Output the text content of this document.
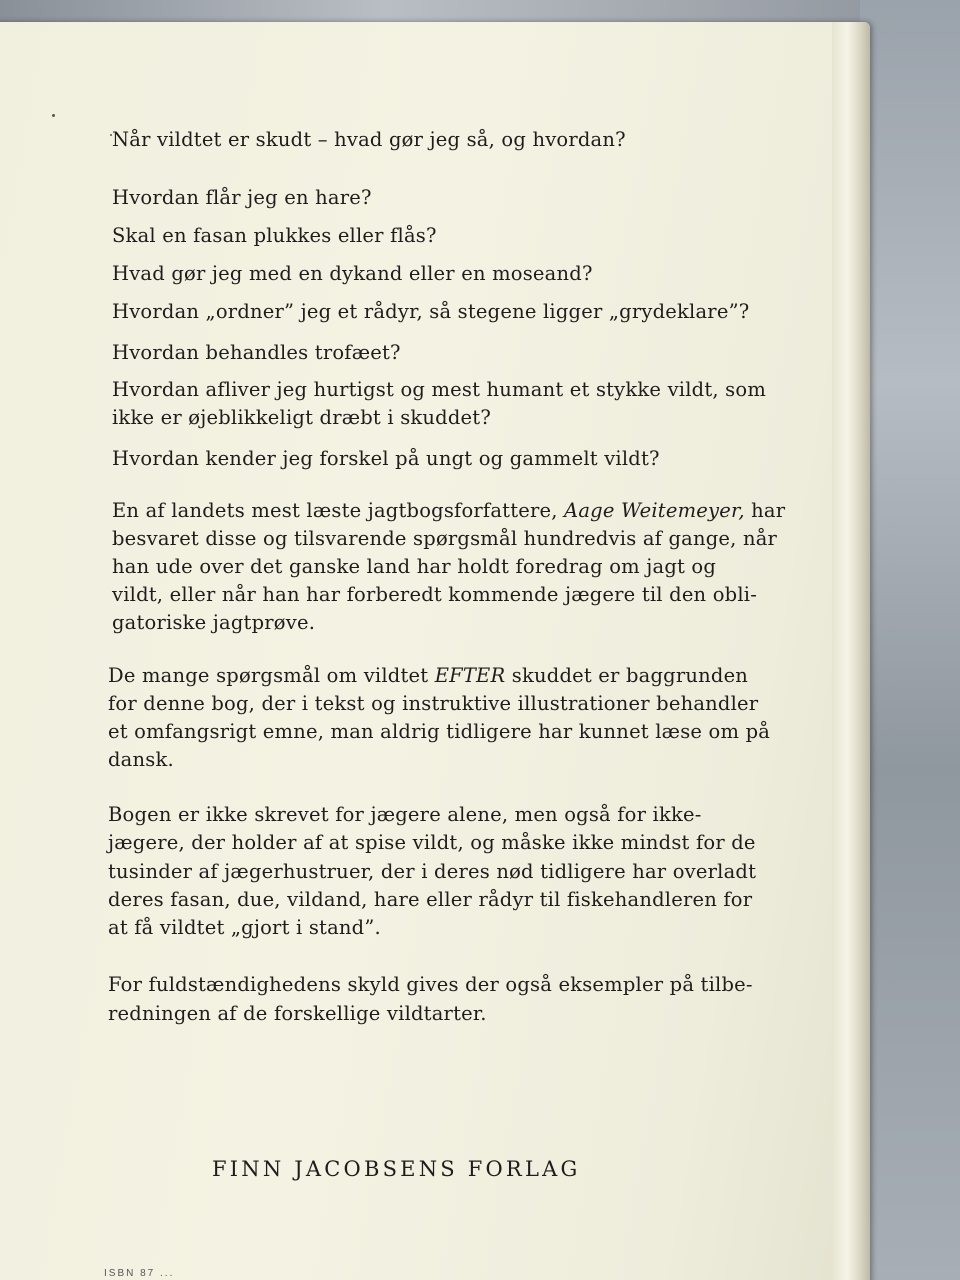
Når vildtet er skudt – hvad gør jeg så, og hvordan?
Hvordan flår jeg en hare?
Skal en fasan plukkes eller flås?
Hvad gør jeg med en dykand eller en moseand?
Hvordan „ordner” jeg et rådyr, så stegene ligger „grydeklare”?
Hvordan behandles trofæet?
Hvordan afliver jeg hurtigst og mest humant et stykke vildt, som
ikke er øjeblikkeligt dræbt i skuddet?
Hvordan kender jeg forskel på ungt og gammelt vildt?
En af landets mest læste jagtbogsforfattere, Aage Weitemeyer, har
besvaret disse og tilsvarende spørgsmål hundredvis af gange, når
han ude over det ganske land har holdt foredrag om jagt og
vildt, eller når han har forberedt kommende jægere til den obli-
gatoriske jagtprøve.
De mange spørgsmål om vildtet EFTER skuddet er baggrunden
for denne bog, der i tekst og instruktive illustrationer behandler
et omfangsrigt emne, man aldrig tidligere har kunnet læse om på
dansk.
Bogen er ikke skrevet for jægere alene, men også for ikke-
jægere, der holder af at spise vildt, og måske ikke mindst for de
tusinder af jægerhustruer, der i deres nød tidligere har overladt
deres fasan, due, vildand, hare eller rådyr til fiskehandleren for
at få vildtet „gjort i stand”.
For fuldstændighedens skyld gives der også eksempler på tilbe-
redningen af de forskellige vildtarter.
FINN JACOBSENS FORLAG
ISBN 87 ...
